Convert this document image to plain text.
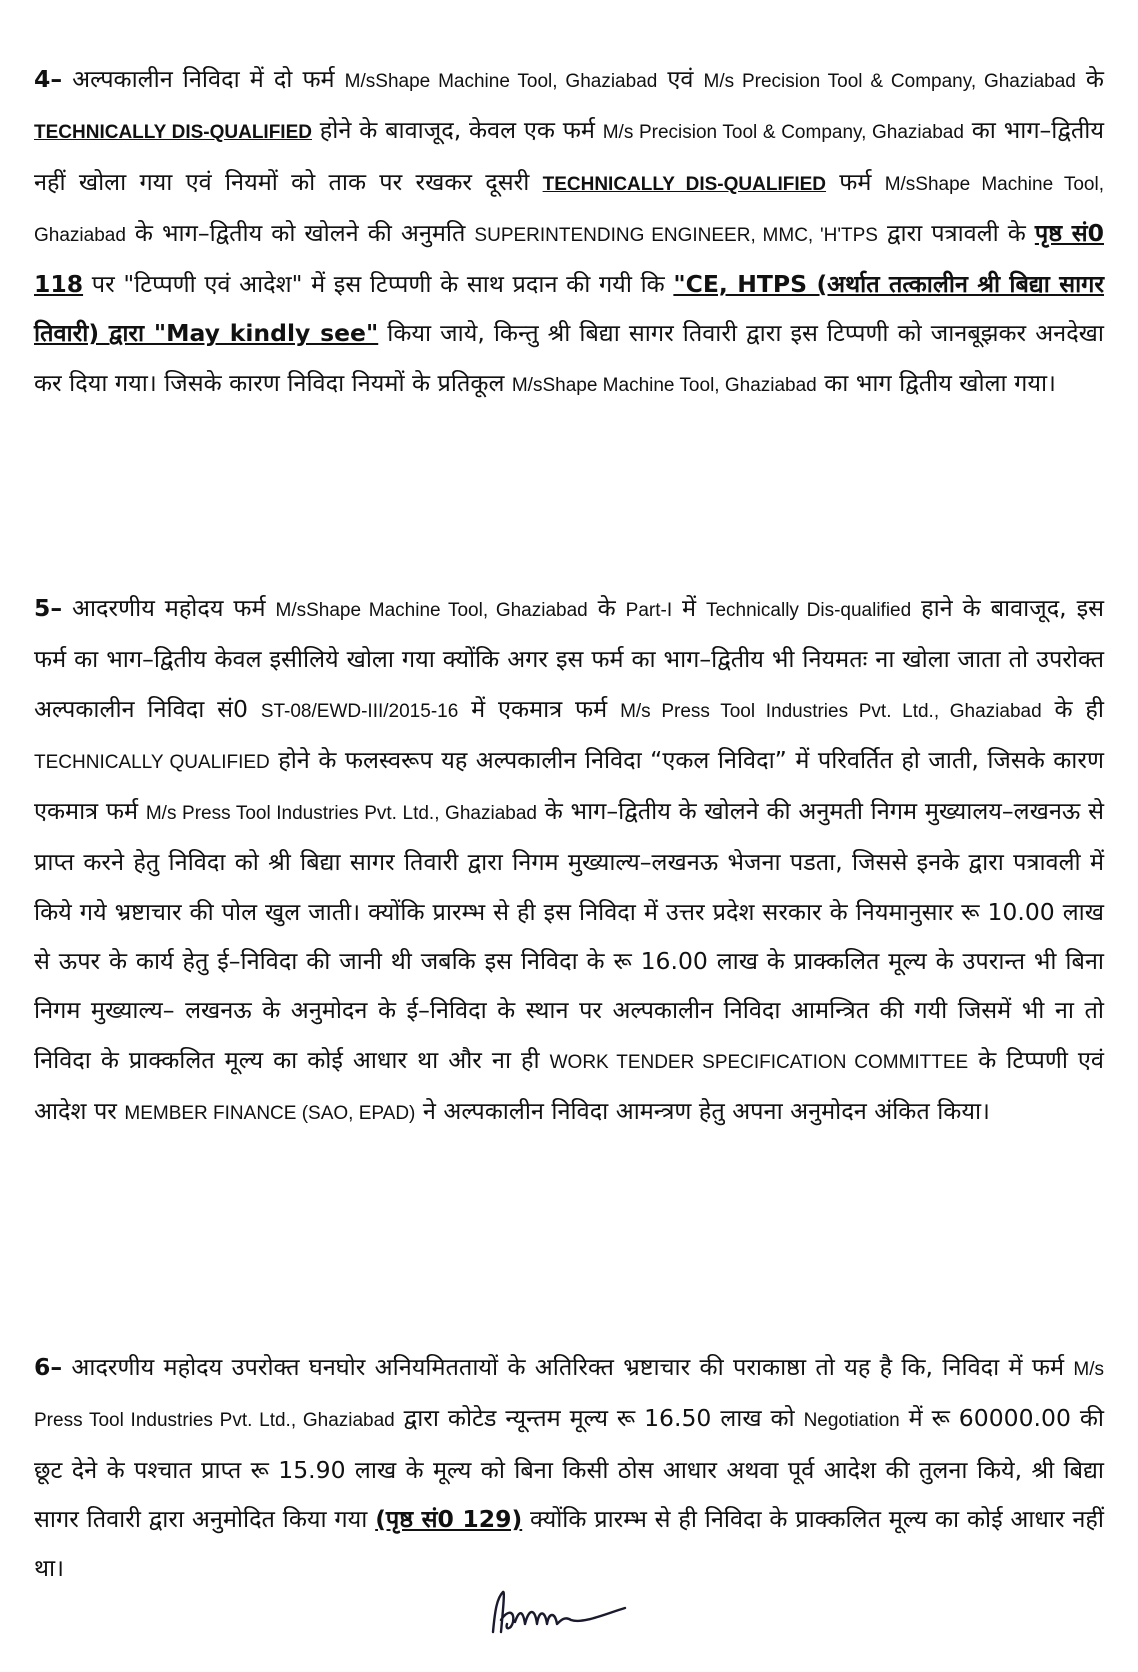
4– अल्पकालीन निविदा में दो फर्म M/sShape Machine Tool, Ghaziabad एवं M/s Precision Tool & Company, Ghaziabad के TECHNICALLY DIS-QUALIFIED होने के बावाजूद, केवल एक फर्म M/s Precision Tool & Company, Ghaziabad का भाग–द्वितीय नहीं खोला गया एवं नियमों को ताक पर रखकर दूसरी TECHNICALLY DIS-QUALIFIED फर्म M/sShape Machine Tool, Ghaziabad के भाग–द्वितीय को खोलने की अनुमति SUPERINTENDING ENGINEER, MMC, 'H'TPS द्वारा पत्रावली के पृष्ठ सं0 118 पर "टिप्पणी एवं आदेश" में इस टिप्पणी के साथ प्रदान की गयी कि "CE, HTPS (अर्थात तत्कालीन श्री बिद्या सागर तिवारी) द्वारा "May kindly see" किया जाये, किन्तु श्री बिद्या सागर तिवारी द्वारा इस टिप्पणी को जानबूझकर अनदेखा कर दिया गया। जिसके कारण निविदा नियमों के प्रतिकूल M/sShape Machine Tool, Ghaziabad का भाग द्वितीय खोला गया।
5– आदरणीय महोदय फर्म M/sShape Machine Tool, Ghaziabad के Part-I में Technically Dis-qualified हाने के बावाजूद, इस फर्म का भाग–द्वितीय केवल इसीलिये खोला गया क्योंकि अगर इस फर्म का भाग–द्वितीय भी नियमतः ना खोला जाता तो उपरोक्त अल्पकालीन निविदा सं0 ST-08/EWD-III/2015-16 में एकमात्र फर्म M/s Press Tool Industries Pvt. Ltd., Ghaziabad के ही TECHNICALLY QUALIFIED होने के फलस्वरूप यह अल्पकालीन निविदा “एकल निविदा” में परिवर्तित हो जाती, जिसके कारण एकमात्र फर्म M/s Press Tool Industries Pvt. Ltd., Ghaziabad के भाग–द्वितीय के खोलने की अनुमती निगम मुख्यालय–लखनऊ से प्राप्त करने हेतु निविदा को श्री बिद्या सागर तिवारी द्वारा निगम मुख्याल्य–लखनऊ भेजना पडता, जिससे इनके द्वारा पत्रावली में किये गये भ्रष्टाचार की पोल खुल जाती। क्योंकि प्रारम्भ से ही इस निविदा में उत्तर प्रदेश सरकार के नियमानुसार रू 10.00 लाख से ऊपर के कार्य हेतु ई–निविदा की जानी थी जबकि इस निविदा के रू 16.00 लाख के प्राक्कलित मूल्य के उपरान्त भी बिना निगम मुख्याल्य– लखनऊ के अनुमोदन के ई–निविदा के स्थान पर अल्पकालीन निविदा आमन्त्रित की गयी जिसमें भी ना तो निविदा के प्राक्कलित मूल्य का कोई आधार था और ना ही WORK TENDER SPECIFICATION COMMITTEE के टिप्पणी एवं आदेश पर MEMBER FINANCE (SAO, EPAD) ने अल्पकालीन निविदा आमन्त्रण हेतु अपना अनुमोदन अंकित किया।
6– आदरणीय महोदय उपरोक्त घनघोर अनियमिततायों के अतिरिक्त भ्रष्टाचार की पराकाष्ठा तो यह है कि, निविदा में फर्म M/s Press Tool Industries Pvt. Ltd., Ghaziabad द्वारा कोटेड न्यून्तम मूल्य रू 16.50 लाख को Negotiation में रू 60000.00 की छूट देने के पश्चात प्राप्त रू 15.90 लाख के मूल्य को बिना किसी ठोस आधार अथवा पूर्व आदेश की तुलना किये, श्री बिद्या सागर तिवारी द्वारा अनुमोदित किया गया (पृष्ठ सं0 129) क्योंकि प्रारम्भ से ही निविदा के प्राक्कलित मूल्य का कोई आधार नहीं था।
